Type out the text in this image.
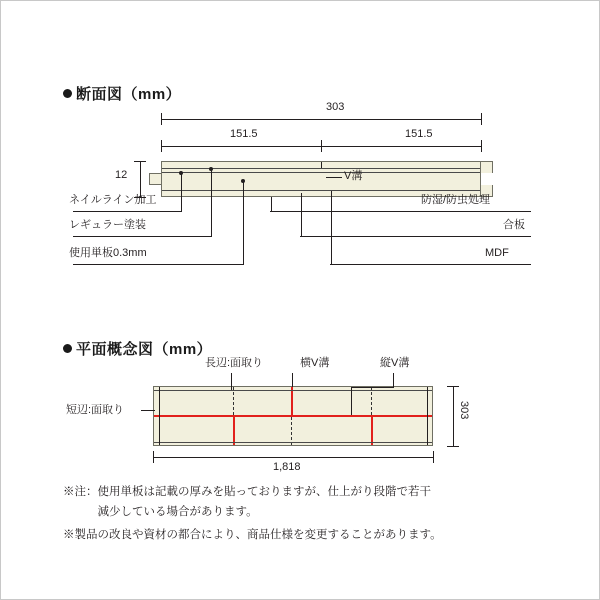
断面図（mm）
303
151.5	151.5
12	V溝
ネイルライン加工
レギュラー塗装
使用単板0.3mm
防湿/防虫処理
合板
MDF
平面概念図（mm）
長辺:面取り	横V溝	縦V溝
短辺:面取り
1,818
303
※注：使用単板は記載の厚みを貼っておりますが、仕上がり段階で若干
　　　減少している場合があります。
※製品の改良や資材の都合により、商品仕様を変更することがあります。
